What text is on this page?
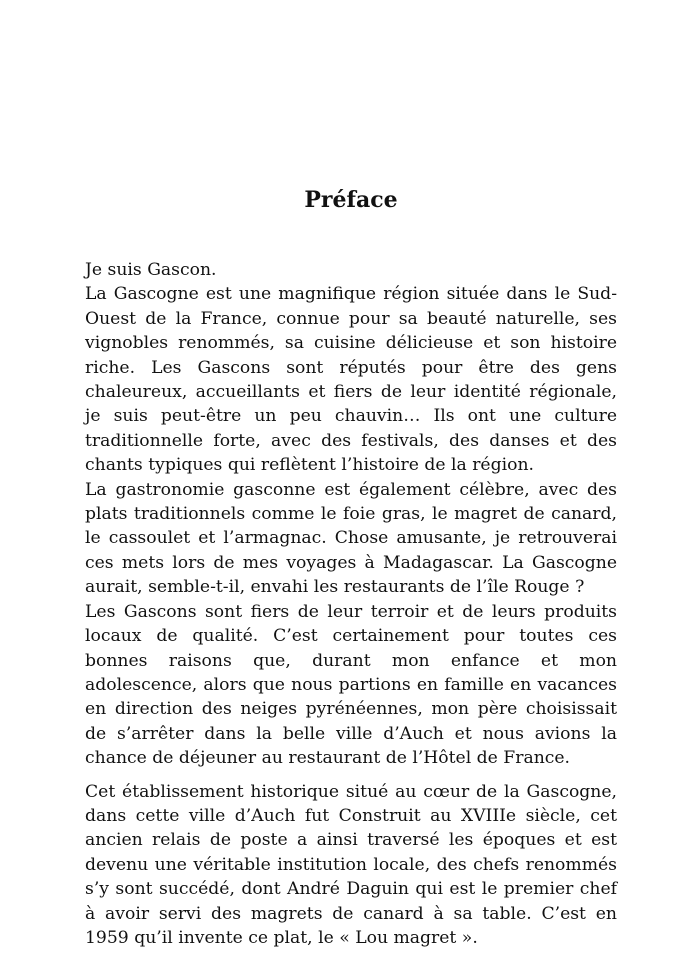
Préface

Je suis Gascon.

La Gascogne est une magnifique région située dans le Sud-Ouest de la France, connue pour sa beauté naturelle, ses vignobles renommés, sa cuisine délicieuse et son histoire riche. Les Gascons sont réputés pour être des gens chaleureux, accueillants et fiers de leur identité régionale, je suis peut-être un peu chauvin… Ils ont une culture traditionnelle forte, avec des festivals, des danses et des chants typiques qui reflètent l’histoire de la région.

La gastronomie gasconne est également célèbre, avec des plats traditionnels comme le foie gras, le magret de canard, le cassoulet et l’armagnac. Chose amusante, je retrouverai ces mets lors de mes voyages à Madagascar. La Gascogne aurait, semble-t-il, envahi les restaurants de l’île Rouge ?

Les Gascons sont fiers de leur terroir et de leurs produits locaux de qualité. C’est certainement pour toutes ces bonnes raisons que, durant mon enfance et mon adolescence, alors que nous partions en famille en vacances en direction des neiges pyrénéennes, mon père choisissait de s’arrêter dans la belle ville d’Auch et nous avions la chance de déjeuner au restaurant de l’Hôtel de France.

Cet établissement historique situé au cœur de la Gascogne, dans cette ville d’Auch fut Construit au XVIIIe siècle, cet ancien relais de poste a ainsi traversé les époques et est devenu une véritable institution locale, des chefs renommés s’y sont succédé, dont André Daguin qui est le premier chef à avoir servi des magrets de canard à sa table. C’est en 1959 qu’il invente ce plat, le « Lou magret ».
